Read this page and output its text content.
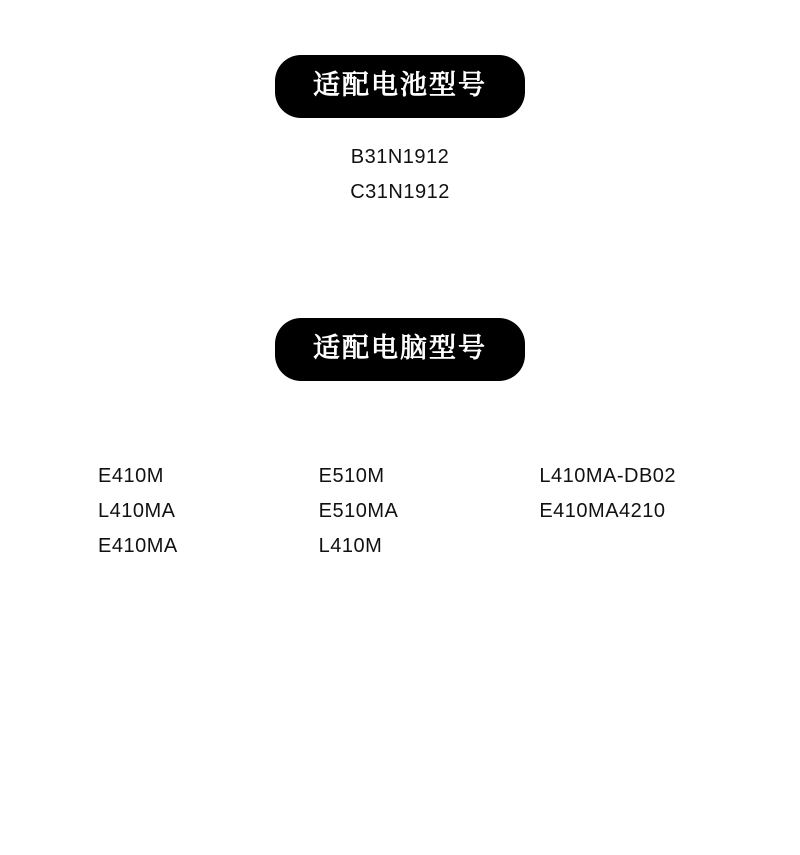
适配电池型号
B31N1912
C31N1912
适配电脑型号
E410M
L410MA
E410MA
E510M
E510MA
L410M
L410MA-DB02
E410MA4210
